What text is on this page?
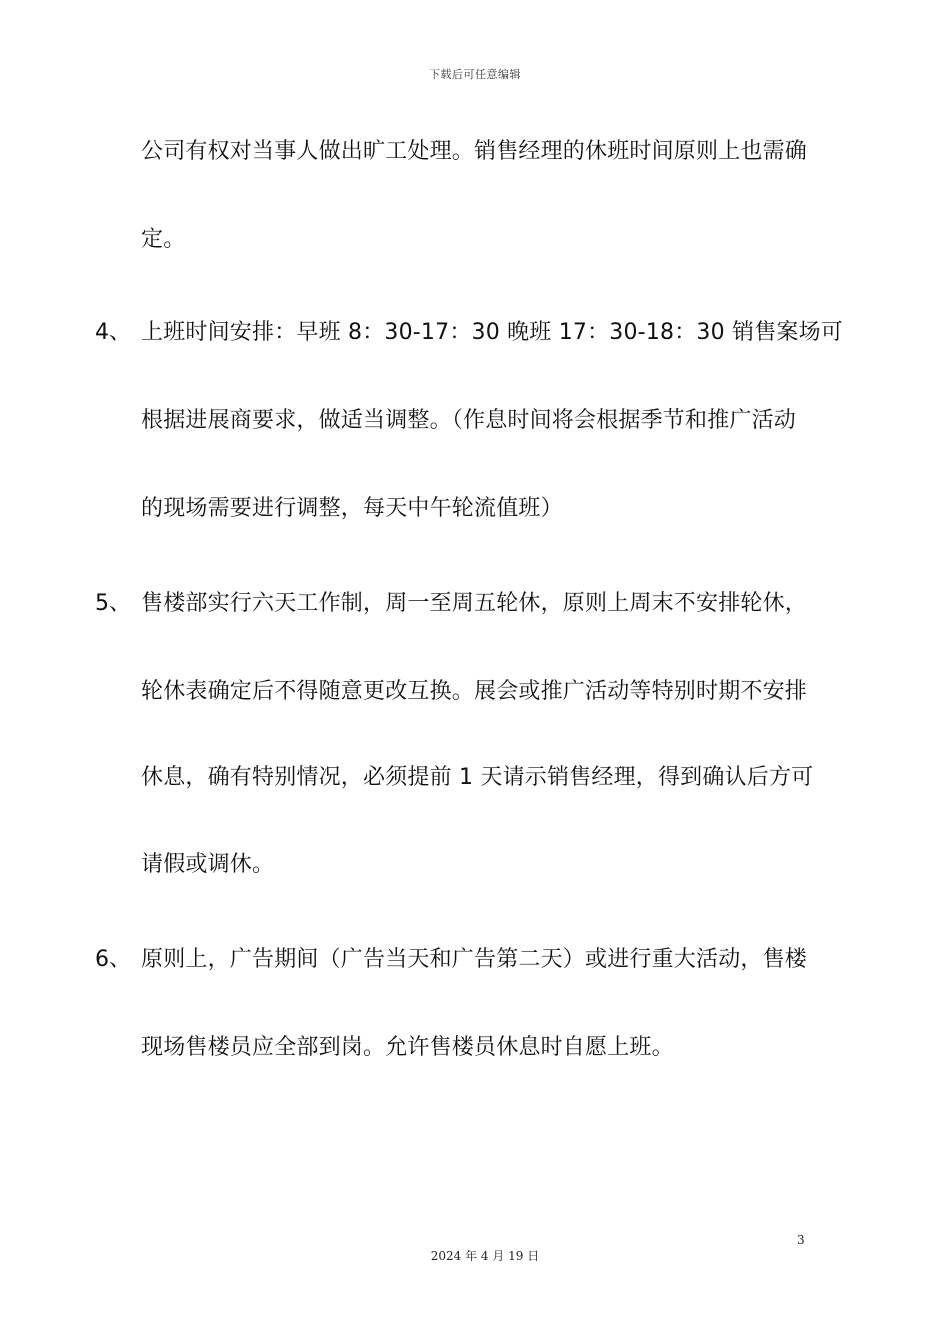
下载后可任意编辑
公司有权对当事人做出旷工处理。销售经理的休班时间原则上也需确
定。
4、 上班时间安排：早班 8：30-17：30 晚班 17：30-18：30 销售案场可
根据进展商要求，做适当调整。（作息时间将会根据季节和推广活动
的现场需要进行调整，每天中午轮流值班）
5、 售楼部实行六天工作制，周一至周五轮休，原则上周末不安排轮休，
轮休表确定后不得随意更改互换。展会或推广活动等特别时期不安排
休息，确有特别情况，必须提前 1 天请示销售经理，得到确认后方可
请假或调休。
6、 原则上，广告期间（广告当天和广告第二天）或进行重大活动，售楼
现场售楼员应全部到岗。允许售楼员休息时自愿上班。
3
2024 年 4 月 19 日
